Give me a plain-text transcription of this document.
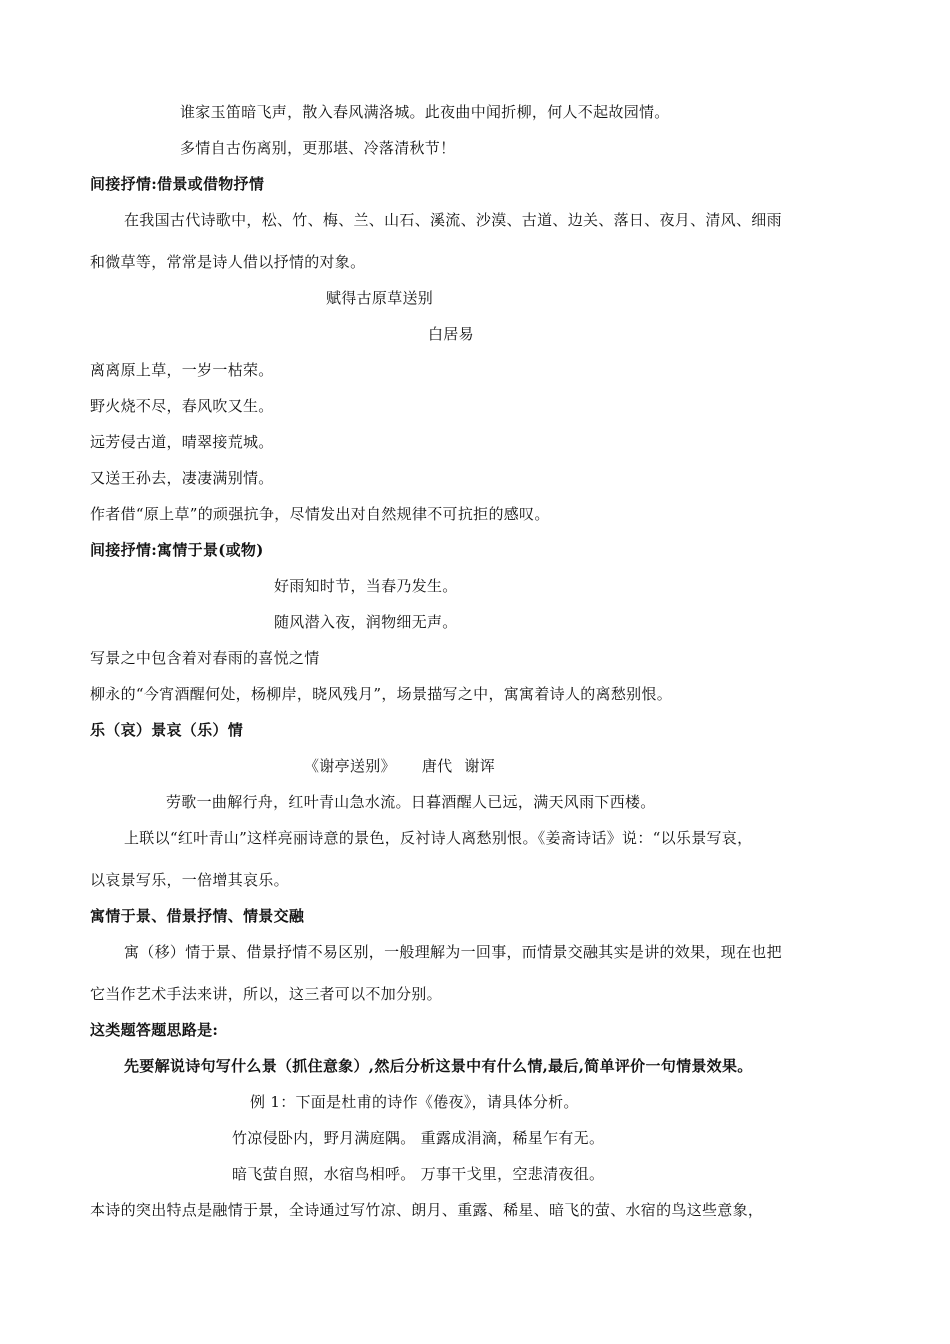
谁家玉笛暗飞声，散入春风满洛城。此夜曲中闻折柳，何人不起故园情。
多情自古伤离别，更那堪、冷落清秋节！
间接抒情:借景或借物抒情
在我国古代诗歌中，松、竹、梅、兰、山石、溪流、沙漠、古道、边关、落日、夜月、清风、细雨
和微草等，常常是诗人借以抒情的对象。
赋得古原草送别
白居易
离离原上草，一岁一枯荣。
野火烧不尽，春风吹又生。
远芳侵古道，晴翠接荒城。
又送王孙去，凄凄满别情。
作者借“原上草”的顽强抗争，尽情发出对自然规律不可抗拒的感叹。
间接抒情:寓情于景(或物)
好雨知时节，当春乃发生。
随风潜入夜，润物细无声。
写景之中包含着对春雨的喜悦之情
柳永的“今宵酒醒何处，杨柳岸，晓风残月”，场景描写之中，寓寓着诗人的离愁别恨。
乐（哀）景哀（乐）情
《谢亭送别》 唐代 谢诨
劳歌一曲解行舟，红叶青山急水流。日暮酒醒人已远，满天风雨下西楼。
上联以“红叶青山”这样亮丽诗意的景色，反衬诗人离愁别恨。《姜斋诗话》说：“以乐景写哀，
以哀景写乐，一倍增其哀乐。
寓情于景、借景抒情、情景交融
寓（移）情于景、借景抒情不易区别，一般理解为一回事，而情景交融其实是讲的效果，现在也把
它当作艺术手法来讲，所以，这三者可以不加分别。
这类题答题思路是:
先要解说诗句写什么景（抓住意象）,然后分析这景中有什么情,最后,简单评价一句情景效果。
例 1：下面是杜甫的诗作《倦夜》，请具体分析。
竹凉侵卧内，野月满庭隅。 重露成涓滴，稀星乍有无。
暗飞萤自照，水宿鸟相呼。 万事干戈里，空悲清夜徂。
本诗的突出特点是融情于景，全诗通过写竹凉、朗月、重露、稀星、暗飞的萤、水宿的鸟这些意象，
